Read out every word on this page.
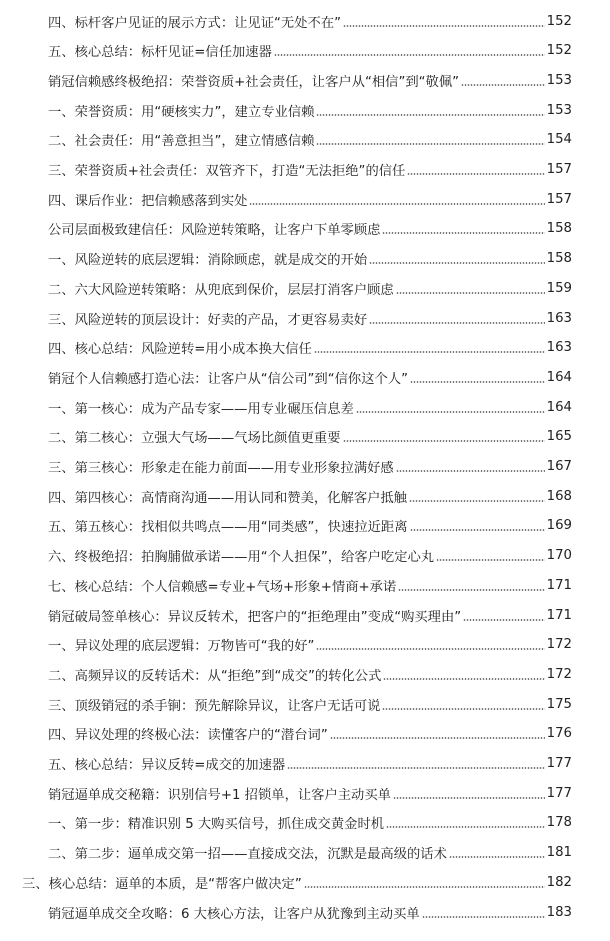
四、标杆客户见证的展示方式：让见证“无处不在”	152
五、核心总结：标杆见证=信任加速器	152
销冠信赖感终极绝招：荣誉资质+社会责任，让客户从“相信”到“敬佩”	153
一、荣誉资质：用“硬核实力”，建立专业信赖	153
二、社会责任：用“善意担当”，建立情感信赖	154
三、荣誉资质+社会责任：双管齐下，打造“无法拒绝”的信任	157
四、课后作业：把信赖感落到实处	157
公司层面极致建信任：风险逆转策略，让客户下单零顾虑	158
一、风险逆转的底层逻辑：消除顾虑，就是成交的开始	158
二、六大风险逆转策略：从兜底到保价，层层打消客户顾虑	159
三、风险逆转的顶层设计：好卖的产品，才更容易卖好	163
四、核心总结：风险逆转=用小成本换大信任	163
销冠个人信赖感打造心法：让客户从“信公司”到“信你这个人”	164
一、第一核心：成为产品专家——用专业碾压信息差	164
二、第二核心：立强大气场——气场比颜值更重要	165
三、第三核心：形象走在能力前面——用专业形象拉满好感	167
四、第四核心：高情商沟通——用认同和赞美，化解客户抵触	168
五、第五核心：找相似共鸣点——用“同类感”，快速拉近距离	169
六、终极绝招：拍胸脯做承诺——用“个人担保”，给客户吃定心丸	170
七、核心总结：个人信赖感=专业+气场+形象+情商+承诺	171
销冠破局签单核心：异议反转术，把客户的“拒绝理由”变成“购买理由”	171
一、异议处理的底层逻辑：万物皆可“我的好”	172
二、高频异议的反转话术：从“拒绝”到“成交”的转化公式	172
三、顶级销冠的杀手锏：预先解除异议，让客户无话可说	175
四、异议处理的终极心法：读懂客户的“潜台词”	176
五、核心总结：异议反转=成交的加速器	177
销冠逼单成交秘籍：识别信号+1 招锁单，让客户主动买单	177
一、第一步：精准识别 5 大购买信号，抓住成交黄金时机	178
二、第二步：逼单成交第一招——直接成交法，沉默是最高级的话术	181
三、核心总结：逼单的本质，是“帮客户做决定”	182
销冠逼单成交全攻略：6 大核心方法，让客户从犹豫到主动买单	183
